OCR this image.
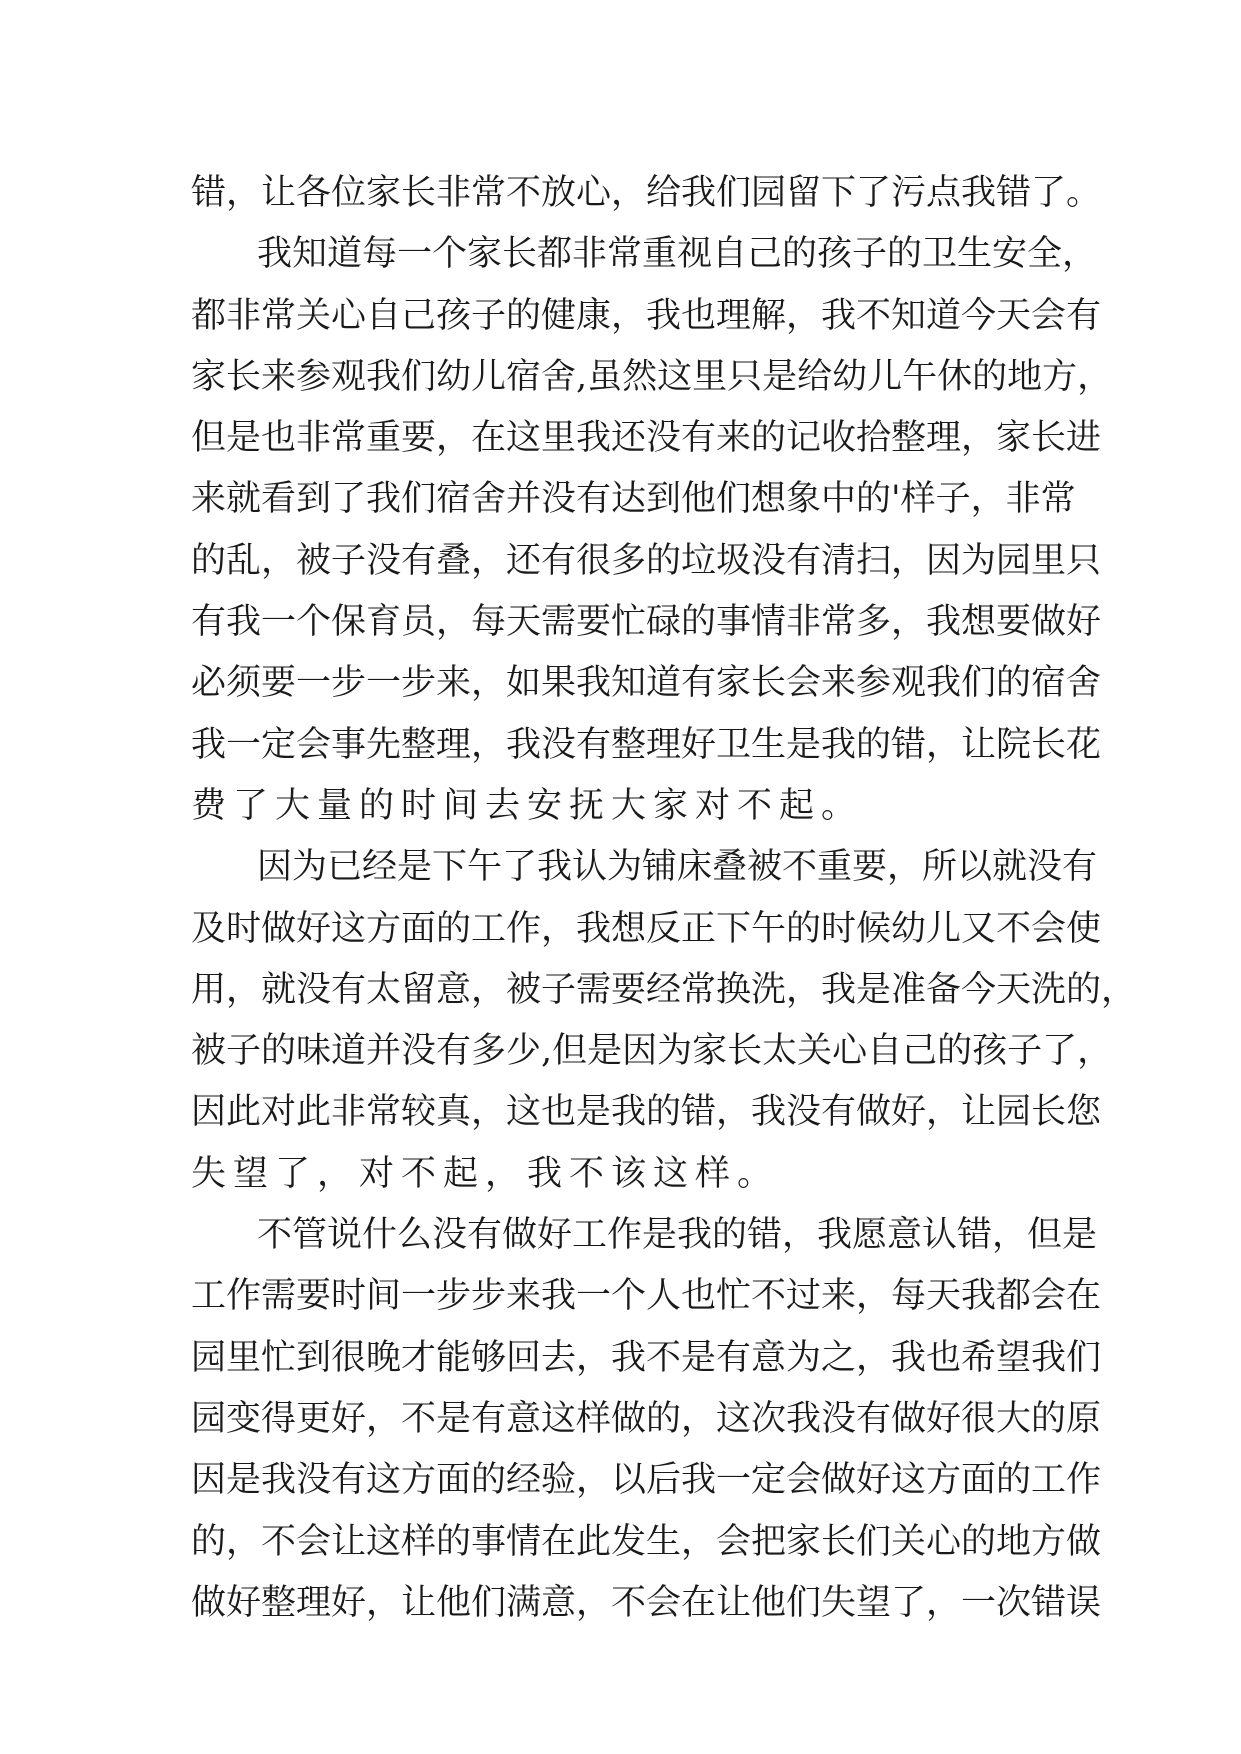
错，让各位家长非常不放心，给我们园留下了污点我错了。
我知道每一个家长都非常重视自己的孩子的卫生安全，
都非常关心自己孩子的健康，我也理解，我不知道今天会有
家长来参观我们幼儿宿舍,虽然这里只是给幼儿午休的地方，
但是也非常重要，在这里我还没有来的记收拾整理，家长进
来就看到了我们宿舍并没有达到他们想象中的'样子，非常
的乱，被子没有叠，还有很多的垃圾没有清扫，因为园里只
有我一个保育员，每天需要忙碌的事情非常多，我想要做好
必须要一步一步来，如果我知道有家长会来参观我们的宿舍
我一定会事先整理，我没有整理好卫生是我的错，让院长花
费了大量的时间去安抚大家对不起。
因为已经是下午了我认为铺床叠被不重要，所以就没有
及时做好这方面的工作，我想反正下午的时候幼儿又不会使
用，就没有太留意，被子需要经常换洗，我是准备今天洗的，
被子的味道并没有多少,但是因为家长太关心自己的孩子了，
因此对此非常较真，这也是我的错，我没有做好，让园长您
失望了，对不起，我不该这样。
不管说什么没有做好工作是我的错，我愿意认错，但是
工作需要时间一步步来我一个人也忙不过来，每天我都会在
园里忙到很晚才能够回去，我不是有意为之，我也希望我们
园变得更好，不是有意这样做的，这次我没有做好很大的原
因是我没有这方面的经验，以后我一定会做好这方面的工作
的，不会让这样的事情在此发生，会把家长们关心的地方做
做好整理好，让他们满意，不会在让他们失望了，一次错误
